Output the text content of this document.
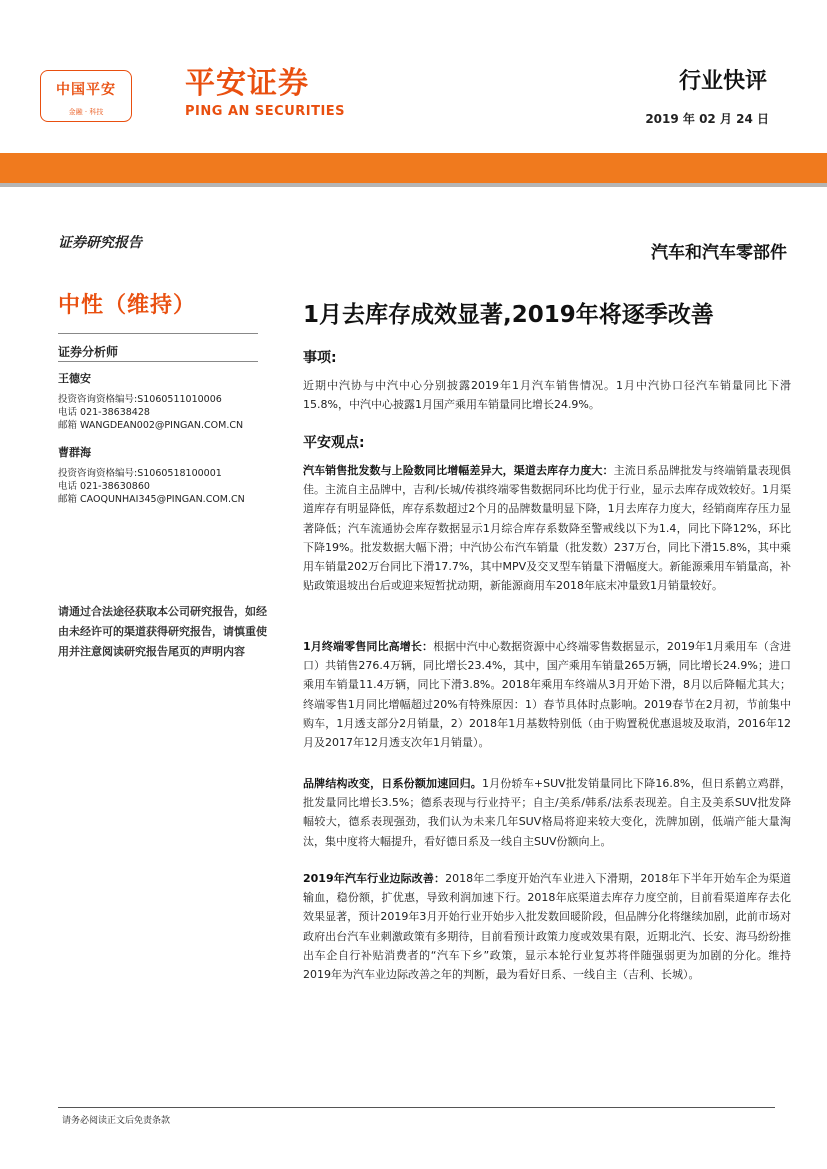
中国平安
金融 · 科技
平安证券
PING AN SECURITIES
行业快评
2019 年 02 月 24 日
证券研究报告
中性（维持）
证券分析师
王德安
投资咨询资格编号:S1060511010006
电话 021-38638428
邮箱 WANGDEAN002@PINGAN.COM.CN
曹群海
投资咨询资格编号:S1060518100001
电话 021-38630860
邮箱 CAOQUNHAI345@PINGAN.COM.CN
请通过合法途径获取本公司研究报告，如经由未经许可的渠道获得研究报告，请慎重使用并注意阅读研究报告尾页的声明内容
汽车和汽车零部件
1月去库存成效显著,2019年将逐季改善
事项:
近期中汽协与中汽中心分别披露2019年1月汽车销售情况。1月中汽协口径汽车销量同比下滑15.8%，中汽中心披露1月国产乘用车销量同比增长24.9%。
平安观点:
汽车销售批发数与上险数同比增幅差异大，渠道去库存力度大：主流日系品牌批发与终端销量表现俱佳。主流自主品牌中，吉利/长城/传祺终端零售数据同环比均优于行业，显示去库存成效较好。1月渠道库存有明显降低，库存系数超过2个月的品牌数量明显下降，1月去库存力度大，经销商库存压力显著降低；汽车流通协会库存数据显示1月综合库存系数降至警戒线以下为1.4，同比下降12%，环比下降19%。批发数据大幅下滑；中汽协公布汽车销量（批发数）237万台，同比下滑15.8%，其中乘用车销量202万台同比下滑17.7%，其中MPV及交叉型车销量下滑幅度大。新能源乘用车销量高，补贴政策退坡出台后或迎来短暂扰动期，新能源商用车2018年底末冲量致1月销量较好。
1月终端零售同比高增长：根据中汽中心数据资源中心终端零售数据显示，2019年1月乘用车（含进口）共销售276.4万辆，同比增长23.4%，其中，国产乘用车销量265万辆，同比增长24.9%；进口乘用车销量11.4万辆，同比下滑3.8%。2018年乘用车终端从3月开始下滑，8月以后降幅尤其大；终端零售1月同比增幅超过20%有特殊原因：1）春节具体时点影响。2019春节在2月初，节前集中购车，1月透支部分2月销量，2）2018年1月基数特别低（由于购置税优惠退坡及取消，2016年12月及2017年12月透支次年1月销量）。
品牌结构改变，日系份额加速回归。1月份轿车+SUV批发销量同比下降16.8%，但日系鹤立鸡群，批发量同比增长3.5%；德系表现与行业持平；自主/美系/韩系/法系表现差。自主及美系SUV批发降幅较大，德系表现强劲，我们认为未来几年SUV格局将迎来较大变化，洗牌加剧，低端产能大量淘汰，集中度将大幅提升，看好德日系及一线自主SUV份额向上。
2019年汽车行业边际改善：2018年二季度开始汽车业进入下滑期，2018年下半年开始车企为渠道输血，稳份额，扩优惠，导致利润加速下行。2018年底渠道去库存力度空前，目前看渠道库存去化效果显著，预计2019年3月开始行业开始步入批发数回暖阶段，但品牌分化将继续加剧，此前市场对政府出台汽车业刺激政策有多期待，目前看预计政策力度或效果有限，近期北汽、长安、海马纷纷推出车企自行补贴消费者的“汽车下乡”政策，显示本轮行业复苏将伴随强弱更为加剧的分化。维持2019年为汽车业边际改善之年的判断，最为看好日系、一线自主（吉利、长城）。
请务必阅读正文后免责条款
